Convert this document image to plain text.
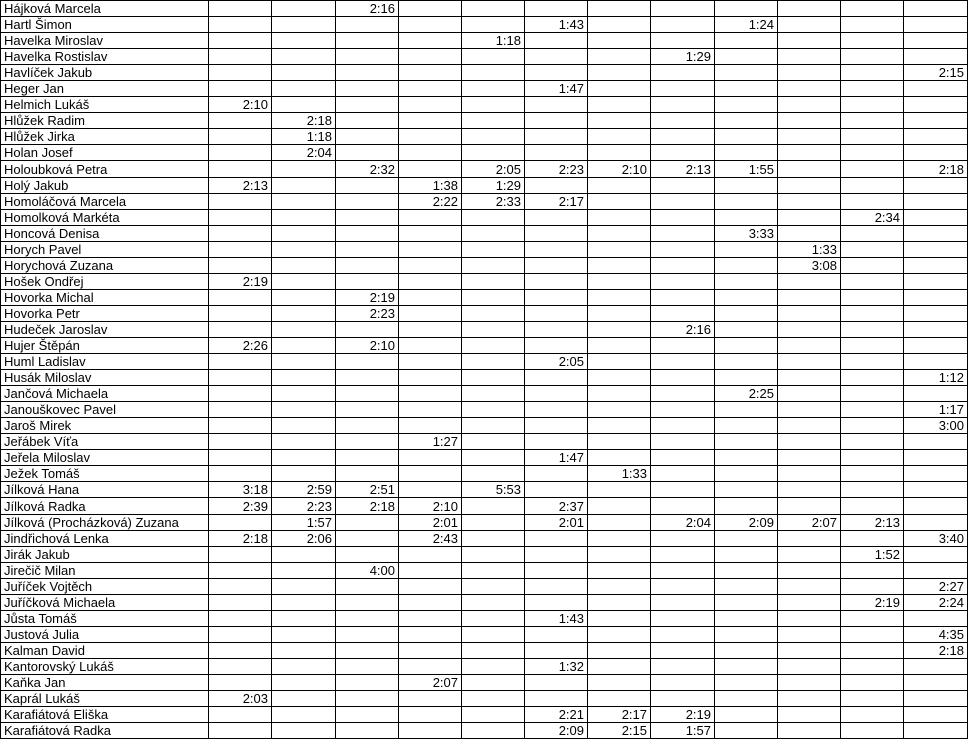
Hájková Marcela			2:16									
Hartl Šimon						1:43			1:24			
Havelka Miroslav					1:18							
Havelka Rostislav								1:29				
Havlíček Jakub												2:15
Heger Jan						1:47						
Helmich Lukáš	2:10											
Hlůžek Radim		2:18										
Hlůžek Jirka		1:18										
Holan Josef		2:04										
Holoubková Petra			2:32		2:05	2:23	2:10	2:13	1:55			2:18
Holý Jakub	2:13			1:38	1:29							
Homoláčová Marcela				2:22	2:33	2:17						
Homolková Markéta											2:34	
Honcová Denisa									3:33			
Horych Pavel										1:33		
Horychová Zuzana										3:08		
Hošek Ondřej	2:19											
Hovorka Michal			2:19									
Hovorka Petr			2:23									
Hudeček Jaroslav								2:16				
Hujer Štěpán	2:26		2:10									
Huml Ladislav						2:05						
Husák Miloslav												1:12
Jančová Michaela									2:25			
Janouškovec Pavel												1:17
Jaroš Mirek												3:00
Jeřábek Víťa				1:27								
Jeřela Miloslav						1:47						
Ježek Tomáš							1:33					
Jílková Hana	3:18	2:59	2:51		5:53							
Jílková Radka	2:39	2:23	2:18	2:10		2:37						
Jílková (Procházková) Zuzana		1:57		2:01		2:01		2:04	2:09	2:07	2:13	
Jindřichová Lenka	2:18	2:06		2:43								3:40
Jirák Jakub											1:52	
Jirečič Milan			4:00									
Juříček Vojtěch												2:27
Juříčková Michaela											2:19	2:24
Jůsta Tomáš						1:43						
Justová Julia												4:35
Kalman David												2:18
Kantorovský Lukáš						1:32						
Kaňka Jan				2:07								
Kaprál Lukáš	2:03											
Karafiátová Eliška						2:21	2:17	2:19				
Karafiátová Radka						2:09	2:15	1:57				
